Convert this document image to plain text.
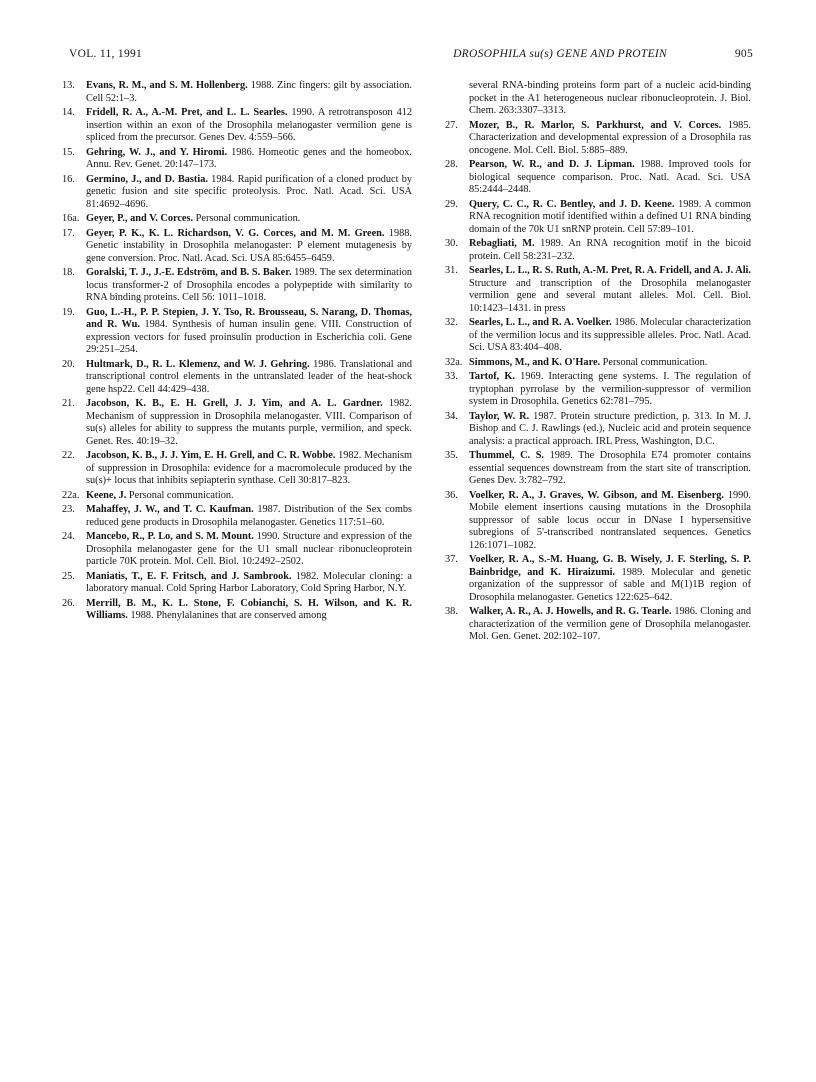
VOL. 11, 1991	DROSOPHILA su(s) GENE AND PROTEIN	905
13. Evans, R. M., and S. M. Hollenberg. 1988. Zinc fingers: gilt by association. Cell 52:1–3.
14. Fridell, R. A., A.-M. Pret, and L. L. Searles. 1990. A retrotransposon 412 insertion within an exon of the Drosophila melanogaster vermilion gene is spliced from the precursor. Genes Dev. 4:559–566.
15. Gehring, W. J., and Y. Hiromi. 1986. Homeotic genes and the homeobox. Annu. Rev. Genet. 20:147–173.
16. Germino, J., and D. Bastia. 1984. Rapid purification of a cloned product by genetic fusion and site specific proteolysis. Proc. Natl. Acad. Sci. USA 81:4692–4696.
16a. Geyer, P., and V. Corces. Personal communication.
17. Geyer, P. K., K. L. Richardson, V. G. Corces, and M. M. Green. 1988. Genetic instability in Drosophila melanogaster: P element mutagenesis by gene conversion. Proc. Natl. Acad. Sci. USA 85:6455–6459.
18. Goralski, T. J., J.-E. Edström, and B. S. Baker. 1989. The sex determination locus transformer-2 of Drosophila encodes a polypeptide with similarity to RNA binding proteins. Cell 56: 1011–1018.
19. Guo, L.-H., P. P. Stepien, J. Y. Tso, R. Brousseau, S. Narang, D. Thomas, and R. Wu. 1984. Synthesis of human insulin gene. VIII. Construction of expression vectors for fused proinsulin production in Escherichia coli. Gene 29:251–254.
20. Hultmark, D., R. L. Klemenz, and W. J. Gehring. 1986. Translational and transcriptional control elements in the untranslated leader of the heat-shock gene hsp22. Cell 44:429–438.
21. Jacobson, K. B., E. H. Grell, J. J. Yim, and A. L. Gardner. 1982. Mechanism of suppression in Drosophila melanogaster. VIII. Comparison of su(s) alleles for ability to suppress the mutants purple, vermilion, and speck. Genet. Res. 40:19–32.
22. Jacobson, K. B., J. J. Yim, E. H. Grell, and C. R. Wobbe. 1982. Mechanism of suppression in Drosophila: evidence for a macromolecule produced by the su(s)+ locus that inhibits sepiapterin synthase. Cell 30:817–823.
22a. Keene, J. Personal communication.
23. Mahaffey, J. W., and T. C. Kaufman. 1987. Distribution of the Sex combs reduced gene products in Drosophila melanogaster. Genetics 117:51–60.
24. Mancebo, R., P. Lo, and S. M. Mount. 1990. Structure and expression of the Drosophila melanogaster gene for the U1 small nuclear ribonucleoprotein particle 70K protein. Mol. Cell. Biol. 10:2492–2502.
25. Maniatis, T., E. F. Fritsch, and J. Sambrook. 1982. Molecular cloning: a laboratory manual. Cold Spring Harbor Laboratory, Cold Spring Harbor, N.Y.
26. Merrill, B. M., K. L. Stone, F. Cobianchi, S. H. Wilson, and K. R. Williams. 1988. Phenylalanines that are conserved among
several RNA-binding proteins form part of a nucleic acid-binding pocket in the A1 heterogeneous nuclear ribonucleoprotein. J. Biol. Chem. 263:3307–3313.
27. Mozer, B., R. Marlor, S. Parkhurst, and V. Corces. 1985. Characterization and developmental expression of a Drosophila ras oncogene. Mol. Cell. Biol. 5:885–889.
28. Pearson, W. R., and D. J. Lipman. 1988. Improved tools for biological sequence comparison. Proc. Natl. Acad. Sci. USA 85:2444–2448.
29. Query, C. C., R. C. Bentley, and J. D. Keene. 1989. A common RNA recognition motif identified within a defined U1 RNA binding domain of the 70k U1 snRNP protein. Cell 57:89–101.
30. Rebagliati, M. 1989. An RNA recognition motif in the bicoid protein. Cell 58:231–232.
31. Searles, L. L., R. S. Ruth, A.-M. Pret, R. A. Fridell, and A. J. Ali. Structure and transcription of the Drosophila melanogaster vermilion gene and several mutant alleles. Mol. Cell. Biol. 10:1423–1431. in press
32. Searles, L. L., and R. A. Voelker. 1986. Molecular characterization of the vermilion locus and its suppressible alleles. Proc. Natl. Acad. Sci. USA 83:404–408.
32a. Simmons, M., and K. O'Hare. Personal communication.
33. Tartof, K. 1969. Interacting gene systems. I. The regulation of tryptophan pyrrolase by the vermilion-suppressor of vermilion system in Drosophila. Genetics 62:781–795.
34. Taylor, W. R. 1987. Protein structure prediction, p. 313. In M. J. Bishop and C. J. Rawlings (ed.), Nucleic acid and protein sequence analysis: a practical approach. IRL Press, Washington, D.C.
35. Thummel, C. S. 1989. The Drosophila E74 promoter contains essential sequences downstream from the start site of transcription. Genes Dev. 3:782–792.
36. Voelker, R. A., J. Graves, W. Gibson, and M. Eisenberg. 1990. Mobile element insertions causing mutations in the Drosophila suppressor of sable locus occur in DNase I hypersensitive subregions of 5'-transcribed nontranslated sequences. Genetics 126:1071–1082.
37. Voelker, R. A., S.-M. Huang, G. B. Wisely, J. F. Sterling, S. P. Bainbridge, and K. Hiraizumi. 1989. Molecular and genetic organization of the suppressor of sable and M(1)1B region of Drosophila melanogaster. Genetics 122:625–642.
38. Walker, A. R., A. J. Howells, and R. G. Tearle. 1986. Cloning and characterization of the vermilion gene of Drosophila melanogaster. Mol. Gen. Genet. 202:102–107.
